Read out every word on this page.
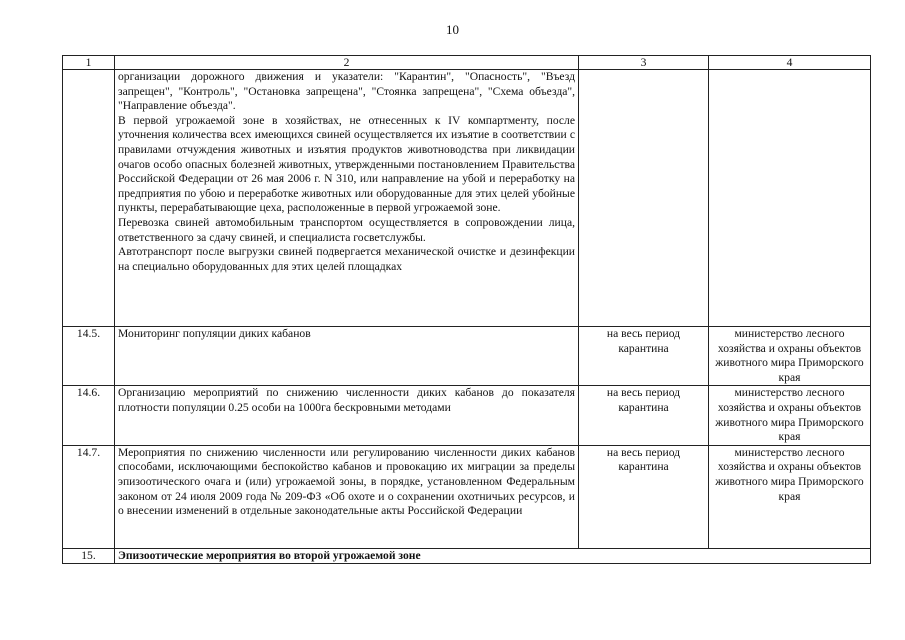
10
1	2	3	4

	организации дорожного движения и указатели: "Карантин", "Опасность", "Въезд запрещен", "Контроль", "Остановка запрещена", "Стоянка запрещена", "Схема объезда", "Направление объезда".
В первой угрожаемой зоне в хозяйствах, не отнесенных к IV компартменту, после уточнения количества всех имеющихся свиней осуществляется их изъятие в соответствии с правилами отчуждения животных и изъятия продуктов животноводства при ликвидации очагов особо опасных болезней животных, утвержденными постановлением Правительства Российской Федерации от 26 мая 2006 г. N 310, или направление на убой и переработку на предприятия по убою и переработке животных или оборудованные для этих целей убойные пункты, перерабатывающие цеха, расположенные в первой угрожаемой зоне.
Перевозка свиней автомобильным транспортом осуществляется в сопровождении лица, ответственного за сдачу свиней, и специалиста госветслужбы.
Автотранспорт после выгрузки свиней подвергается механической очистке и дезинфекции на специально оборудованных для этих целей площадках		

14.5.	Мониторинг популяции диких кабанов	на весь период карантина	министерство лесного хозяйства и охраны объектов животного мира Приморского края
14.6.	Организацию мероприятий по снижению численности диких кабанов до показателя плотности популяции 0.25 особи на 1000га бескровными методами	на весь период карантина	министерство лесного хозяйства и охраны объектов животного мира Приморского края
14.7.	Мероприятия по снижению численности или регулированию численности диких кабанов способами, исключающими беспокойство кабанов и провокацию их миграции за пределы эпизоотического очага и (или) угрожаемой зоны, в порядке, установленном Федеральным законом от 24 июля 2009 года № 209-ФЗ «Об охоте и о сохранении охотничьих ресурсов, и о внесении изменений в отдельные законодательные акты Российской Федерации	на весь период карантина	министерство лесного хозяйства и охраны объектов животного мира Приморского края
15.	Эпизоотические мероприятия во второй угрожаемой зоне		
